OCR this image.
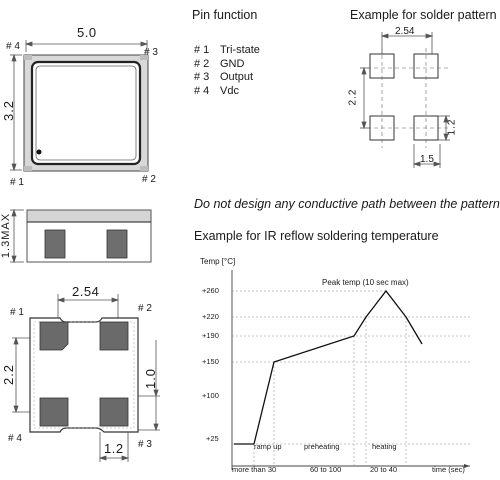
5.0
3.2
# 4
# 3
# 1	# 2
1.3MAX
2.54
2.2	1.0
1.2
# 1	# 2
# 4
# 3
Pin function
# 1 Tri-state
# 2 GND
# 3 Output
# 4 Vdc
Example for solder pattern
2.54
2.2
1.2
1.5
Do not design any conductive path between the pattern
Example for IR reflow soldering temperature
Temp [°C]
Peak temp (10 sec max)
+260
+220
+190
+150
+100
+25
ramp up	preheating	heating
more than 30	60 to 100	20 to 40	time (sec)
